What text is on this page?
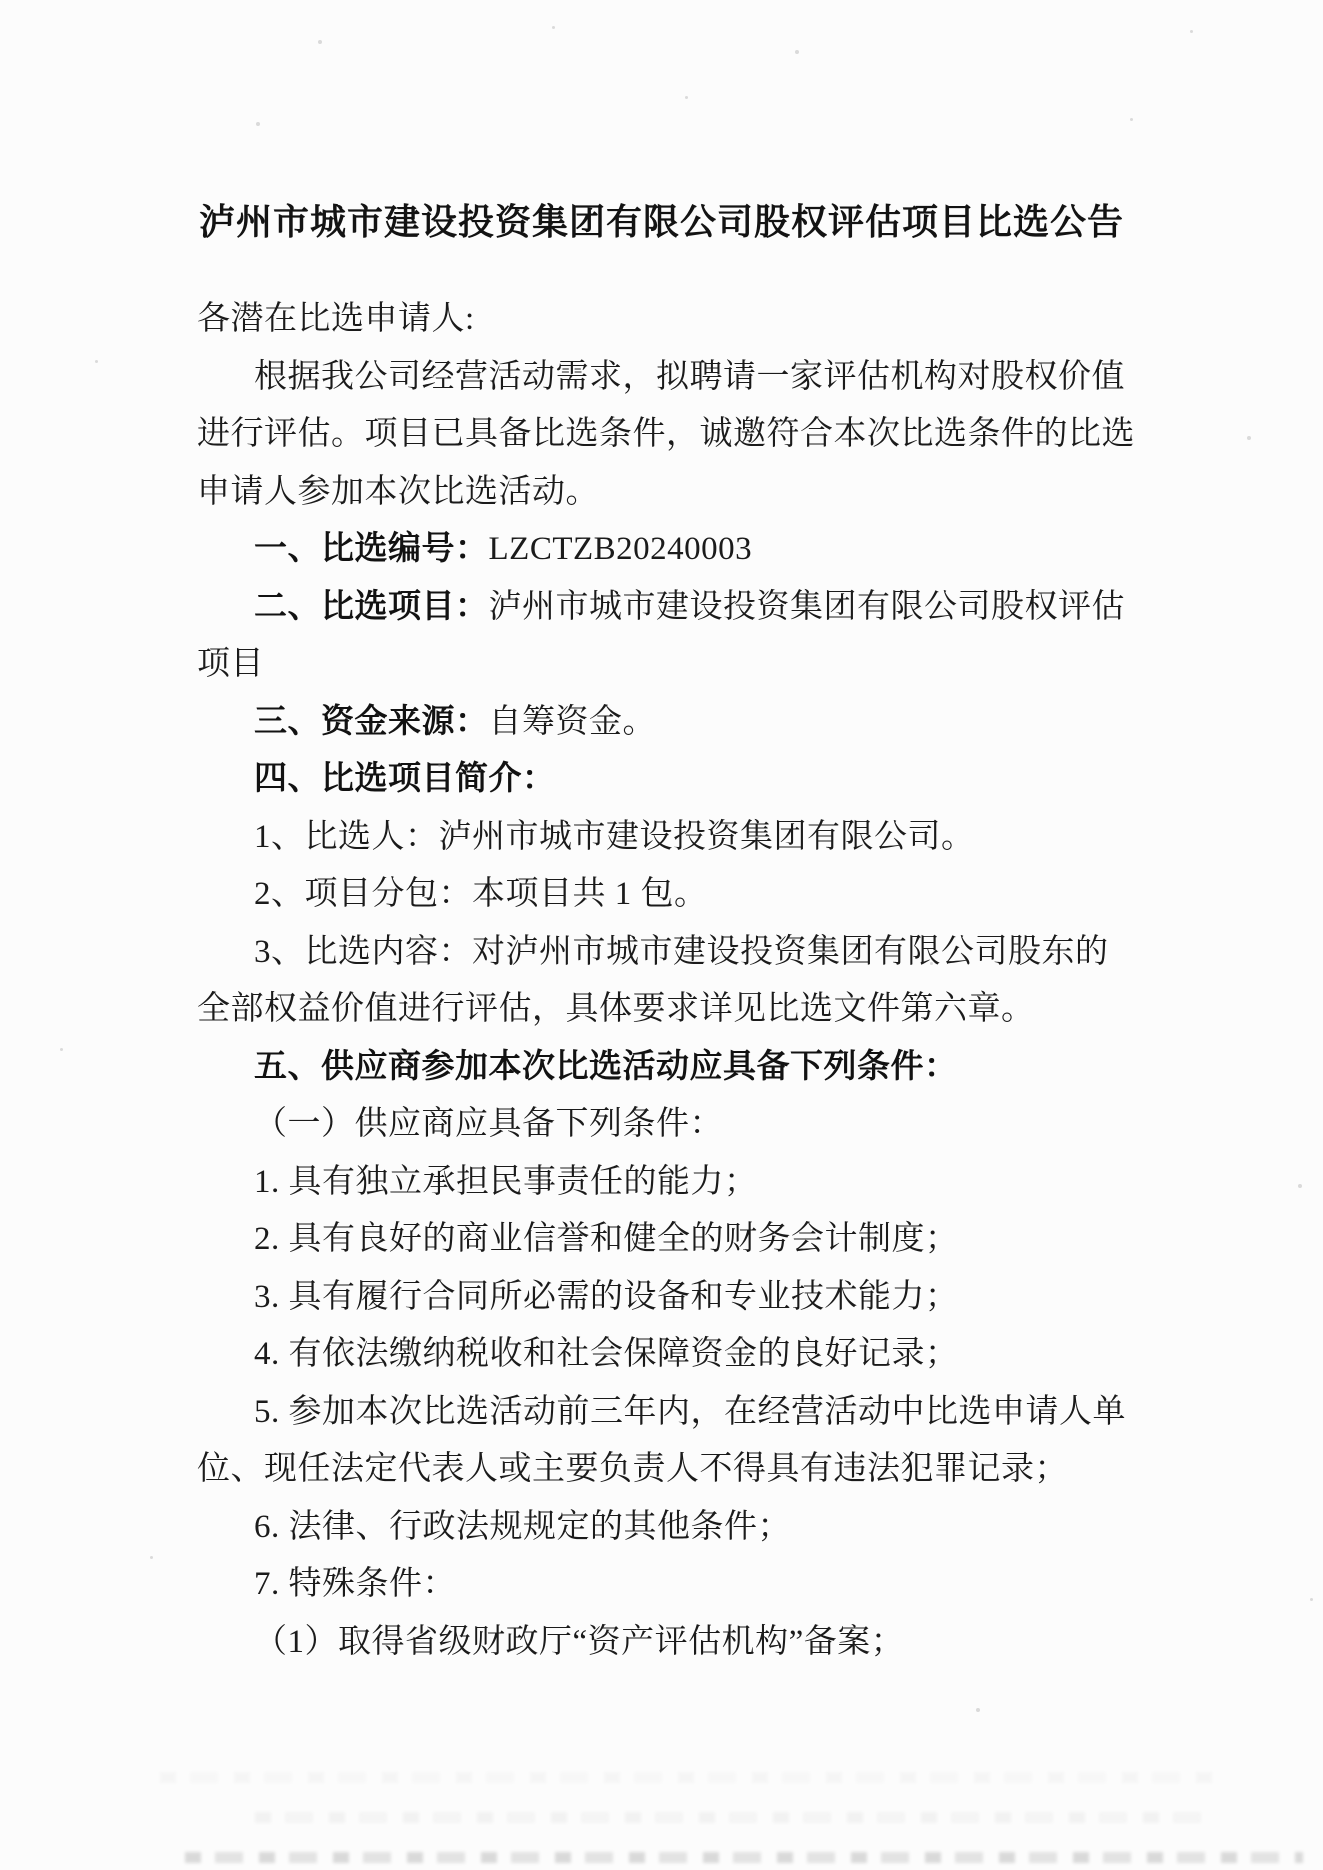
泸州市城市建设投资集团有限公司股权评估项目比选公告
各潜在比选申请人:
根据我公司经营活动需求，拟聘请一家评估机构对股权价值
进行评估。项目已具备比选条件，诚邀符合本次比选条件的比选
申请人参加本次比选活动。
一、比选编号：LZCTZB20240003
二、比选项目：泸州市城市建设投资集团有限公司股权评估
项目
三、资金来源：自筹资金。
四、比选项目简介：
1、比选人：泸州市城市建设投资集团有限公司。
2、项目分包：本项目共 1 包。
3、比选内容：对泸州市城市建设投资集团有限公司股东的
全部权益价值进行评估，具体要求详见比选文件第六章。
五、供应商参加本次比选活动应具备下列条件：
（一）供应商应具备下列条件：
1. 具有独立承担民事责任的能力；
2. 具有良好的商业信誉和健全的财务会计制度；
3. 具有履行合同所必需的设备和专业技术能力；
4. 有依法缴纳税收和社会保障资金的良好记录；
5. 参加本次比选活动前三年内，在经营活动中比选申请人单
位、现任法定代表人或主要负责人不得具有违法犯罪记录；
6. 法律、行政法规规定的其他条件；
7. 特殊条件：
（1）取得省级财政厅“资产评估机构”备案；
